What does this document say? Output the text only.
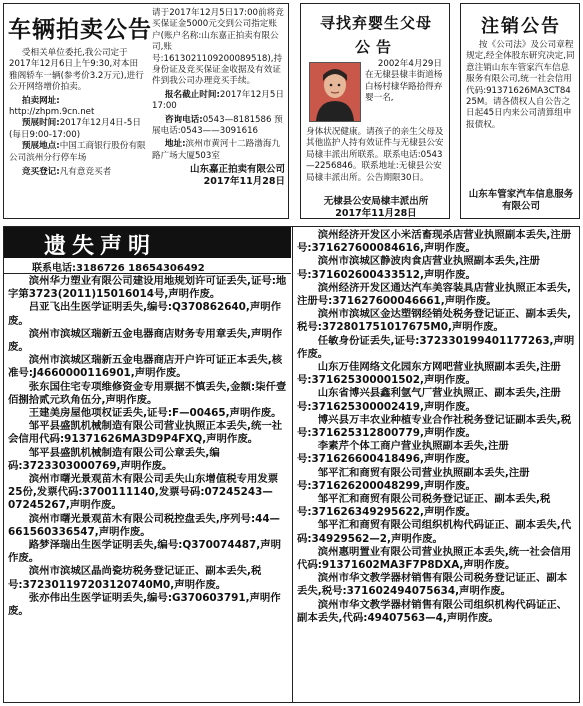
车辆拍卖公告

受相关单位委托,我公司定于2017年12月6日上午9:30,对本田雅阁轿车一辆(参考价3.2万元),进行公开网络增价拍卖。

拍卖网址: http://zhpm.9cn.net

预展时间:2017年12月4日-5日(每日9:00-17:00)

预展地点:中国工商银行股份有限公司滨州分行停车场

竞买登记:凡有意竞买者

请于2017年12月5日17:00前将竞买保证金5000元交到公司指定账户(账户名称:山东嘉正拍卖有限公司,账号:1613021109200089518),持身份证及竞买保证金收据及有效证件到我公司办理竞买手续。

报名截止时间:2017年12月5日17:00

咨询电话:0543—8181586 预展电话:0543——3091616

地址:滨州市黄河十二路渤海九路广场大厦503室

山东嘉正拍卖有限公司

2017年11月28日

寻找弃婴生父母
公告
2002年4月29日在无棣县棣丰街道杨白杨村棣华路拾得弃婴一名,
身体状况健康。请孩子的亲生父母及其他监护人持有效证件与无棣县公安局棣丰派出所联系。联系电话:0543—2256846。联系地址:无棣县公安局棣丰派出所。公告期限30日。
无棣县公安局棣丰派出所
2017年11月28日
注销公告
按《公司法》及公司章程规定,经全体股东研究决定,同意注销山东车管家汽车信息服务有限公司,统一社会信用代码:91371626MA3CT84 25M。请各债权人自公告之日起45日内来公司清算组申报债权。
山东车管家汽车信息服务有限公司
遗失声明
联系电话:3186726 18654306492

滨州华力塑业有限公司建设用地规划许可证丢失,证号:地字第3723(2011)15016014号,声明作废。

吕亚飞出生医学证明丢失,编号:Q370862640,声明作废。

滨州市滨城区瑞新五金电器商店财务专用章丢失,声明作废。

滨州市滨城区瑞新五金电器商店开户许可证正本丢失,核准号:J4660000116901,声明作废。

张东国住宅专项维修资金专用票据不慎丢失,金额:柒仟壹佰捌拾贰元玖角伍分,声明作废。

王建美房屋他项权证丢失,证号:F—00465,声明作废。

邹平县盛凯机械制造有限公司营业执照正本丢失,统一社会信用代码:91371626MA3D9P4FXQ,声明作废。

邹平县盛凯机械制造有限公司公章丢失,编码:3723303000769,声明作废。

滨州市曙光景观苗木有限公司丢失山东增值税专用发票25份,发票代码:3700111140,发票号码:07245243—07245267,声明作废。

滨州市曙光景观苗木有限公司税控盘丢失,序列号:44—661560336547,声明作废。

路梦泽瑞出生医学证明丢失,编号:Q370074487,声明作废。

滨州市滨城区晶尚瓷坊税务登记证正、副本丢失,税号:372301197203120740M0,声明作废。

张亦伟出生医学证明丢失,编号:G370603791,声明作废。

滨州经济开发区小米活畜现杀店营业执照副本丢失,注册号:371627600084616,声明作废。

滨州市滨城区静波肉食店营业执照副本丢失,注册号:371602600433512,声明作废。

滨州经济开发区通达汽车美容装具店营业执照正本丢失,注册号:371627600046661,声明作废。

滨州市滨城区金达塑钢经销处税务登记证正、副本丢失,税号:372801751017675M0,声明作废。

任敏身份证丢失,证号:372330199401177263,声明作废。

山东万佳网络文化园东方网吧营业执照副本丢失,注册号:371625300001502,声明作废。

山东省博兴县鑫利氩气厂营业执照正、副本丢失,注册号:371625300002419,声明作废。

博兴县万丰农业种植专业合作社税务登记证副本丢失,税号:371625312800779,声明作废。

李素芹个体工商户营业执照副本丢失,注册号:371626600418496,声明作废。

邹平汇和商贸有限公司营业执照副本丢失,注册号:371626200048299,声明作废。

邹平汇和商贸有限公司税务登记证正、副本丢失,税号:371626349295622,声明作废。

邹平汇和商贸有限公司组织机构代码证正、副本丢失,代码:34929562—2,声明作废。

滨州惠明置业有限公司营业执照正本丢失,统一社会信用代码:91371602MA3F7P8DXA,声明作废。

滨州市华文教学器材销售有限公司税务登记证正、副本丢失,税号:371602494075634,声明作废。

滨州市华文教学器材销售有限公司组织机构代码证正、副本丢失,代码:49407563—4,声明作废。
